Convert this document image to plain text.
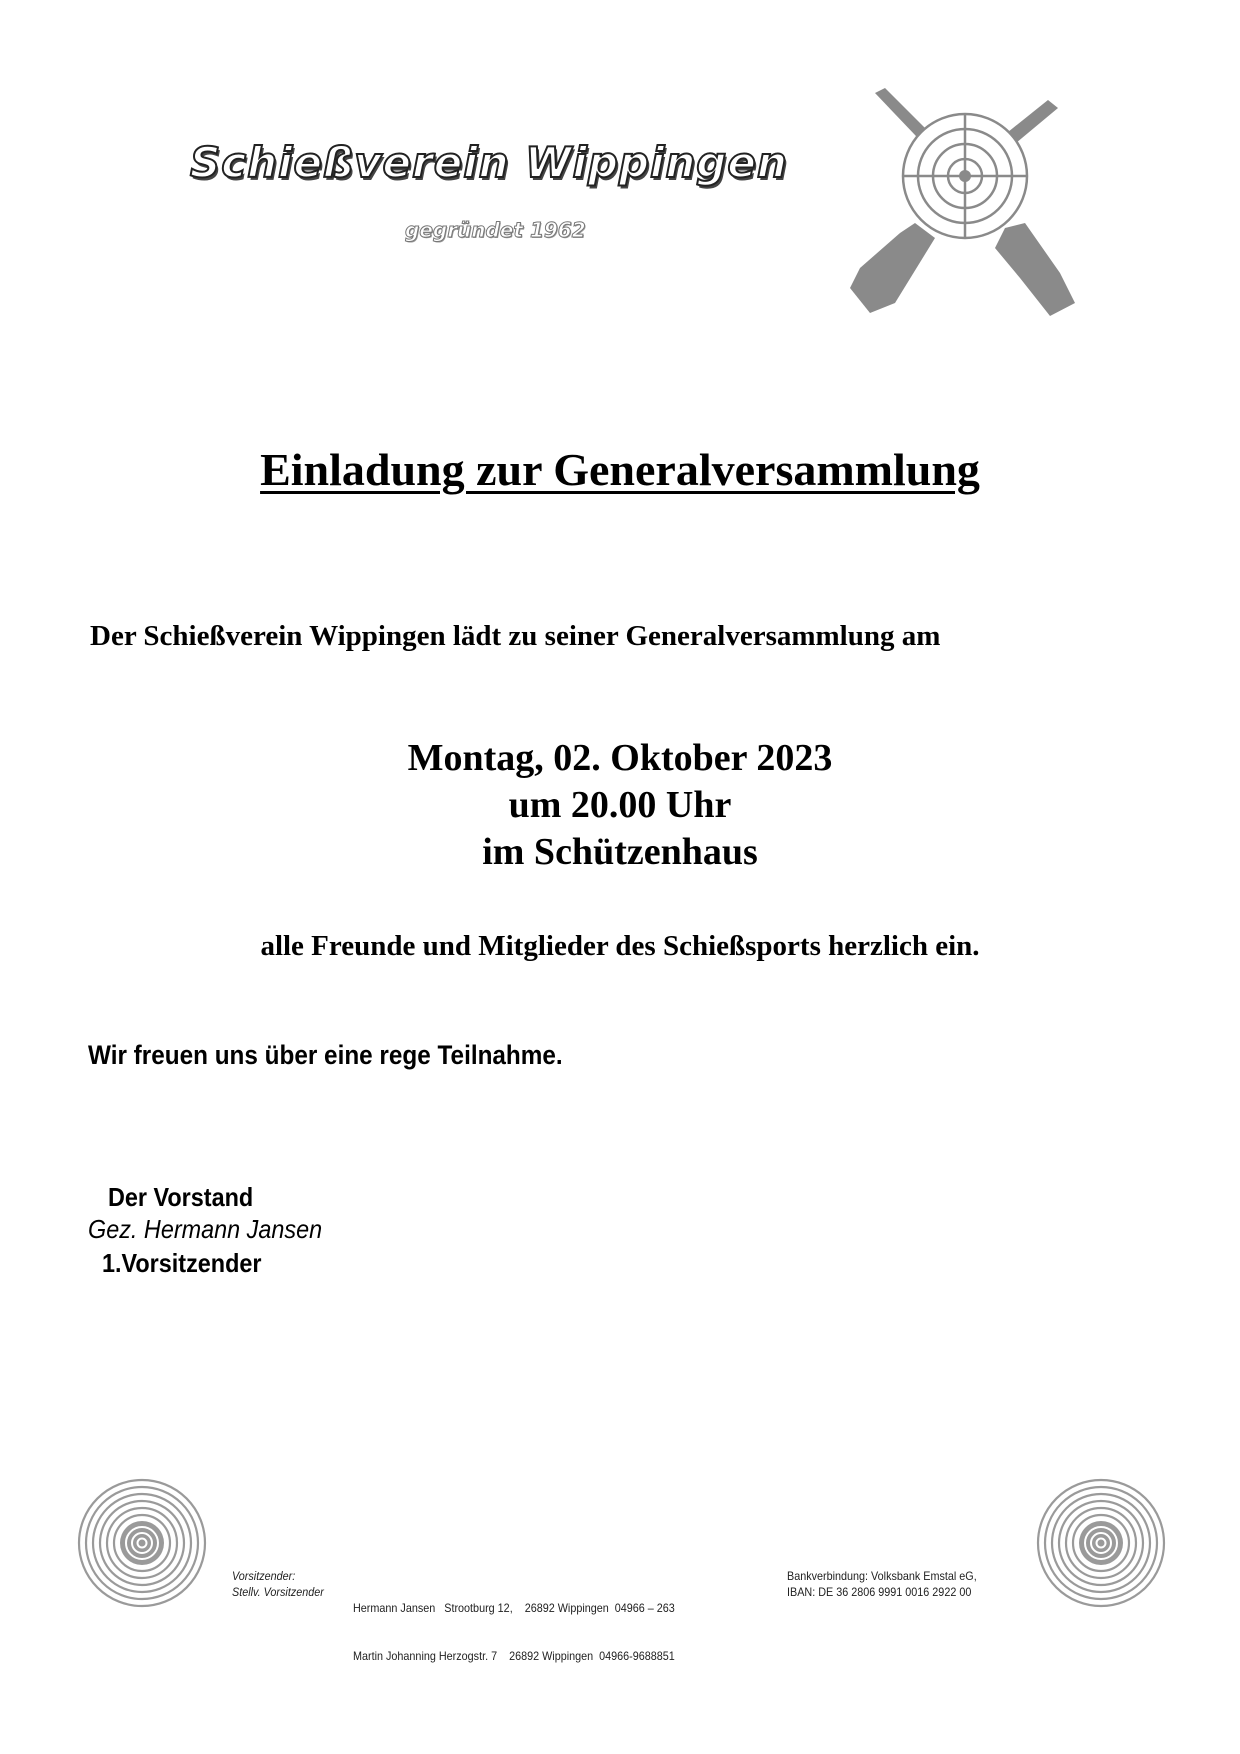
Schießverein Wippingen
gegründet 1962
Einladung zur Generalversammlung
Der Schießverein Wippingen lädt zu seiner Generalversammlung am
Montag, 02. Oktober 2023
um 20.00 Uhr
im Schützenhaus
alle Freunde und Mitglieder des Schießsports herzlich ein.
Wir freuen uns über eine rege Teilnahme.
Der Vorstand
Gez. Hermann Jansen
1.Vorsitzender
Vorsitzender:
Stellv. Vorsitzender

Hermann Jansen   Strootburg 12,    26892 Wippingen  04966 – 263

Martin Johanning Herzogstr. 7    26892 Wippingen  04966-9688851

Bankverbindung: Volksbank Emstal eG,
IBAN: DE 36 2806 9991 0016 2922 00
